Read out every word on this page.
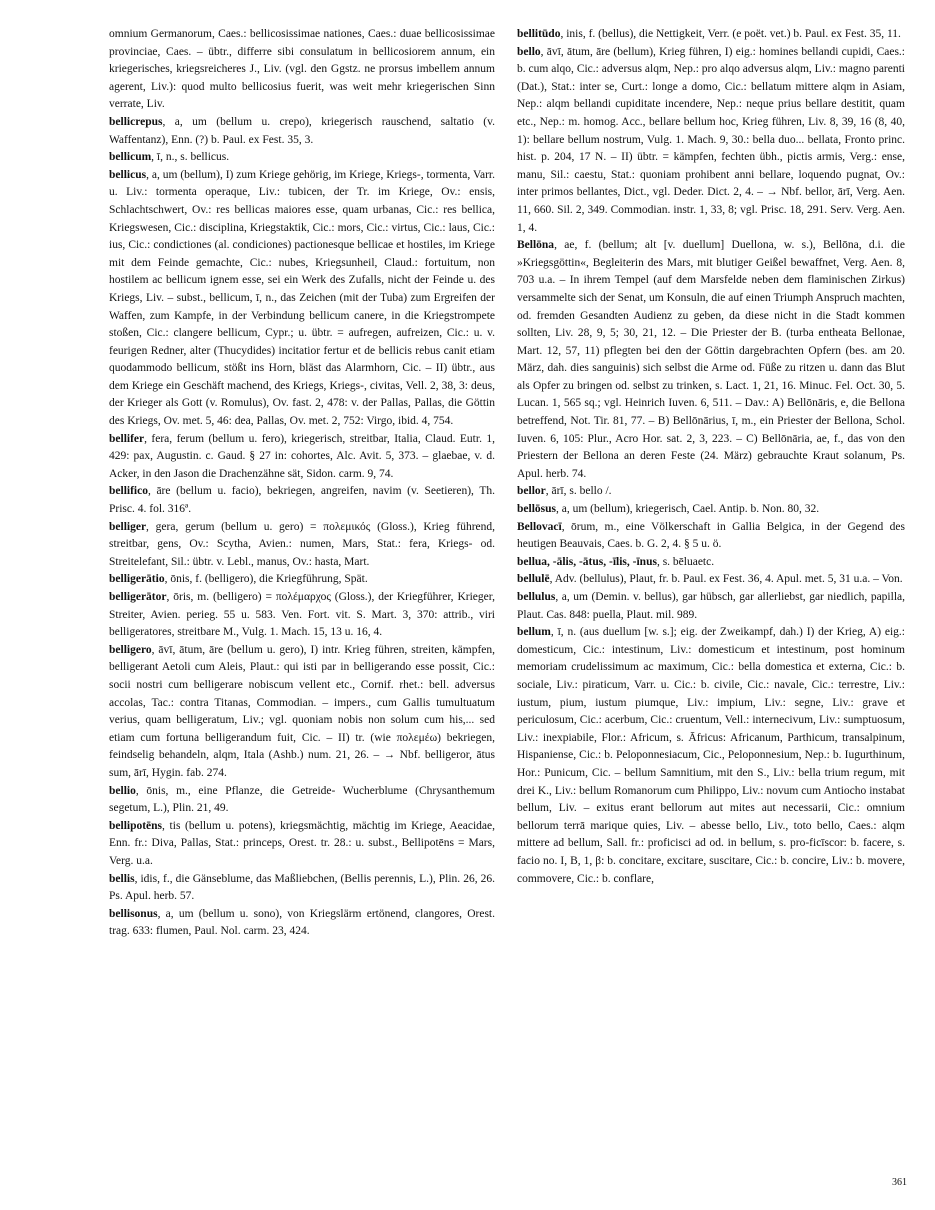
omnium Germanorum, Caes.: bellicosissimae nationes, Caes.: duae bellicosissimae provinciae, Caes. – übtr., differre sibi consulatum in bellicosiorem annum, ein kriegerisches, kriegsreicheres J., Liv. (vgl. den Ggstz. ne prorsus imbellem annum agerent, Liv.): quod multo bellicosius fuerit, was weit mehr kriegerischen Sinn verrate, Liv.

bellicrepus, a, um (bellum u. crepo), kriegerisch rauschend, saltatio (v. Waffentanz), Enn. (?) b. Paul. ex Fest. 35, 3.

bellicum, ī, n., s. bellicus.

bellicus, a, um (bellum), I) zum Kriege gehörig, im Kriege, Kriegs-, tormenta, Varr. u. Liv.: tormenta operaque, Liv.: tubicen, der Tr. im Kriege, Ov.: ensis, Schlachtschwert, Ov.: res bellicas maiores esse, quam urbanas, Cic.: res bellica, Kriegswesen, Cic.: disciplina, Kriegstaktik, Cic.: mors, Cic.: virtus, Cic.: laus, Cic.: ius, Cic.: condictiones (al. condiciones) pactionesque bellicae et hostiles, im Kriege mit dem Feinde gemachte, Cic.: nubes, Kriegsunheil, Claud.: fortuitum, non hostilem ac bellicum ignem esse, sei ein Werk des Zufalls, nicht der Feinde u. des Kriegs, Liv. – subst., bellicum, ī, n., das Zeichen (mit der Tuba) zum Ergreifen der Waffen, zum Kampfe, in der Verbindung bellicum canere, in die Kriegstrompete stoßen, Cic.: clangere bellicum, Cypr.; u. übtr. = aufregen, aufreizen, Cic.: u. v. feurigen Redner, alter (Thucydides) incitatior fertur et de bellicis rebus canit etiam quodammodo bellicum, stößt ins Horn, bläst das Alarmhorn, Cic. – II) übtr., aus dem Kriege ein Geschäft machend, des Kriegs, Kriegs-, civitas, Vell. 2, 38, 3: deus, der Krieger als Gott (v. Romulus), Ov. fast. 2, 478: v. der Pallas, Pallas, die Göttin des Kriegs, Ov. met. 5, 46: dea, Pallas, Ov. met. 2, 752: Virgo, ibid. 4, 754.

bellifer, fera, ferum (bellum u. fero), kriegerisch, streitbar, Italia, Claud. Eutr. 1, 429: pax, Augustin. c. Gaud. § 27 in: cohortes, Alc. Avit. 5, 373. – glaebae, v. d. Acker, in den Jason die Drachenzähne sät, Sidon. carm. 9, 74.

bellifico, āre (bellum u. facio), bekriegen, angreifen, navim (v. Seetieren), Th. Prisc. 4. fol. 316ª.

belliger, gera, gerum (bellum u. gero) = πολεμικός (Gloss.), Krieg führend, streitbar, gens, Ov.: Scytha, Avien.: numen, Mars, Stat.: fera, Kriegs- od. Streitelefant, Sil.: übtr. v. Lebl., manus, Ov.: hasta, Mart.

belligerātio, ōnis, f. (belligero), die Kriegführung, Spät.

belligerātor, ōris, m. (belligero) = πολέμαρχος (Gloss.), der Kriegführer, Krieger, Streiter, Avien. perieg. 55 u. 583. Ven. Fort. vit. S. Mart. 3, 370: attrib., viri belligeratores, streitbare M., Vulg. 1. Mach. 15, 13 u. 16, 4.

belligero, āvī, ātum, āre (bellum u. gero), I) intr. Krieg führen, streiten, kämpfen, belligerant Aetoli cum Aleis, Plaut.: qui isti par in belligerando esse possit, Cic.: socii nostri cum belligerare nobiscum vellent etc., Cornif. rhet.: bell. adversus accolas, Tac.: contra Titanas, Commodian. – impers., cum Gallis tumultuatum verius, quam belligeratum, Liv.; vgl. quoniam nobis non solum cum his,... sed etiam cum fortuna belligerandum fuit, Cic. – II) tr. (wie πολεμέω) bekriegen, feindselig behandeln, alqm, Itala (Ashb.) num. 21, 26. – → Nbf. belligeror, ātus sum, ārī, Hygin. fab. 274.

bellio, ōnis, m., eine Pflanze, die Getreide- Wucherblume (Chrysanthemum segetum, L.), Plin. 21, 49.

bellipotēns, tis (bellum u. potens), kriegsmächtig, mächtig im Kriege, Aeacidae, Enn. fr.: Diva, Pallas, Stat.: princeps, Orest. tr. 28.: u. subst., Bellipotēns = Mars, Verg. u.a.

bellis, idis, f., die Gänseblume, das Maßliebchen, (Bellis perennis, L.), Plin. 26, 26. Ps. Apul. herb. 57.

bellisonus, a, um (bellum u. sono), von Kriegslärm ertönend, clangores, Orest. trag. 633: flumen, Paul. Nol. carm. 23, 424.

bellitūdo, inis, f. (bellus), die Nettigkeit, Verr. (e poët. vet.) b. Paul. ex Fest. 35, 11.

bello, āvī, ātum, āre (bellum), Krieg führen, I) eig.: homines bellandi cupidi, Caes.: b. cum alqo, Cic.: adversus alqm, Nep.: pro alqo adversus alqm, Liv.: magno parenti (Dat.), Stat.: inter se, Curt.: longe a domo, Cic.: bellatum mittere alqm in Asiam, Nep.: alqm bellandi cupiditate incendere, Nep.: neque prius bellare destitit, quam etc., Nep.: m. homog. Acc., bellare bellum hoc, Krieg führen, Liv. 8, 39, 16 (8, 40, 1): bellare bellum nostrum, Vulg. 1. Mach. 9, 30.: bella duo... bellata, Fronto princ. hist. p. 204, 17 N. – II) übtr. = kämpfen, fechten übh., pictis armis, Verg.: ense, manu, Sil.: caestu, Stat.: quoniam prohibent anni bellare, loquendo pugnat, Ov.: inter primos bellantes, Dict., vgl. Deder. Dict. 2, 4. – → Nbf. bellor, ārī, Verg. Aen. 11, 660. Sil. 2, 349. Commodian. instr. 1, 33, 8; vgl. Prisc. 18, 291. Serv. Verg. Aen. 1, 4.

Bellōna, ae, f. (bellum; alt [v. duellum] Duellona, w. s.), Bellōna, d.i. die »Kriegsgöttin«, Begleiterin des Mars, mit blutiger Geißel bewaffnet, Verg. Aen. 8, 703 u.a. – In ihrem Tempel (auf dem Marsfelde neben dem flaminischen Zirkus) versammelte sich der Senat, um Konsuln, die auf einen Triumph Anspruch machten, od. fremden Gesandten Audienz zu geben, da diese nicht in die Stadt kommen sollten, Liv. 28, 9, 5; 30, 21, 12. – Die Priester der B. (turba entheata Bellonae, Mart. 12, 57, 11) pflegten bei den der Göttin dargebrachten Opfern (bes. am 20. März, dah. dies sanguinis) sich selbst die Arme od. Füße zu ritzen u. dann das Blut als Opfer zu bringen od. selbst zu trinken, s. Lact. 1, 21, 16. Minuc. Fel. Oct. 30, 5. Lucan. 1, 565 sq.; vgl. Heinrich Iuven. 6, 511. – Dav.: A) Bellōnāris, e, die Bellona betreffend, Not. Tir. 81, 77. – B) Bellōnārius, ī, m., ein Priester der Bellona, Schol. Iuven. 6, 105: Plur., Acro Hor. sat. 2, 3, 223. – C) Bellōnāria, ae, f., das von den Priestern der Bellona an deren Feste (24. März) gebrauchte Kraut solanum, Ps. Apul. herb. 74.

bellor, ārī, s. bello /.

bellōsus, a, um (bellum), kriegerisch, Cael. Antip. b. Non. 80, 32.

Bellovacī, ōrum, m., eine Völkerschaft in Gallia Belgica, in der Gegend des heutigen Beauvais, Caes. b. G. 2, 4. § 5 u. ö.

bellua, -ālis, -ātus, -īlis, -īnus, s. bēluaetc.

bellulē, Adv. (bellulus), Plaut, fr. b. Paul. ex Fest. 36, 4. Apul. met. 5, 31 u.a. – Von.

bellulus, a, um (Demin. v. bellus), gar hübsch, gar allerliebst, gar niedlich, papilla, Plaut. Cas. 848: puella, Plaut. mil. 989.

bellum, ī, n. (aus duellum [w. s.]; eig. der Zweikampf, dah.) I) der Krieg, A) eig.: domesticum, Cic.: intestinum, Liv.: domesticum et intestinum, post hominum memoriam crudelissimum ac maximum, Cic.: bella domestica et externa, Cic.: b. sociale, Liv.: piraticum, Varr. u. Cic.: b. civile, Cic.: navale, Cic.: terrestre, Liv.: iustum, pium, iustum piumque, Liv.: impium, Liv.: segne, Liv.: grave et periculosum, Cic.: acerbum, Cic.: cruentum, Vell.: internecivum, Liv.: sumptuosum, Liv.: inexpiabile, Flor.: Africum, s. Āfricus: Africanum, Parthicum, transalpinum, Hispaniense, Cic.: b. Peloponnesiacum, Cic., Peloponnesium, Nep.: b. Iugurthinum, Hor.: Punicum, Cic. – bellum Samnitium, mit den S., Liv.: bella trium regum, mit drei K., Liv.: bellum Romanorum cum Philippo, Liv.: novum cum Antiocho instabat bellum, Liv. – exitus erant bellorum aut mites aut necessarii, Cic.: omnium bellorum terrā marique quies, Liv. – abesse bello, Liv., toto bello, Caes.: alqm mittere ad bellum, Sall. fr.: proficisci ad od. in bellum, s. pro-ficīscor: b. facere, s. facio no. I, B, 1, β: b. concitare, excitare, suscitare, Cic.: b. concire, Liv.: b. movere, commovere, Cic.: b. conflare,

361
